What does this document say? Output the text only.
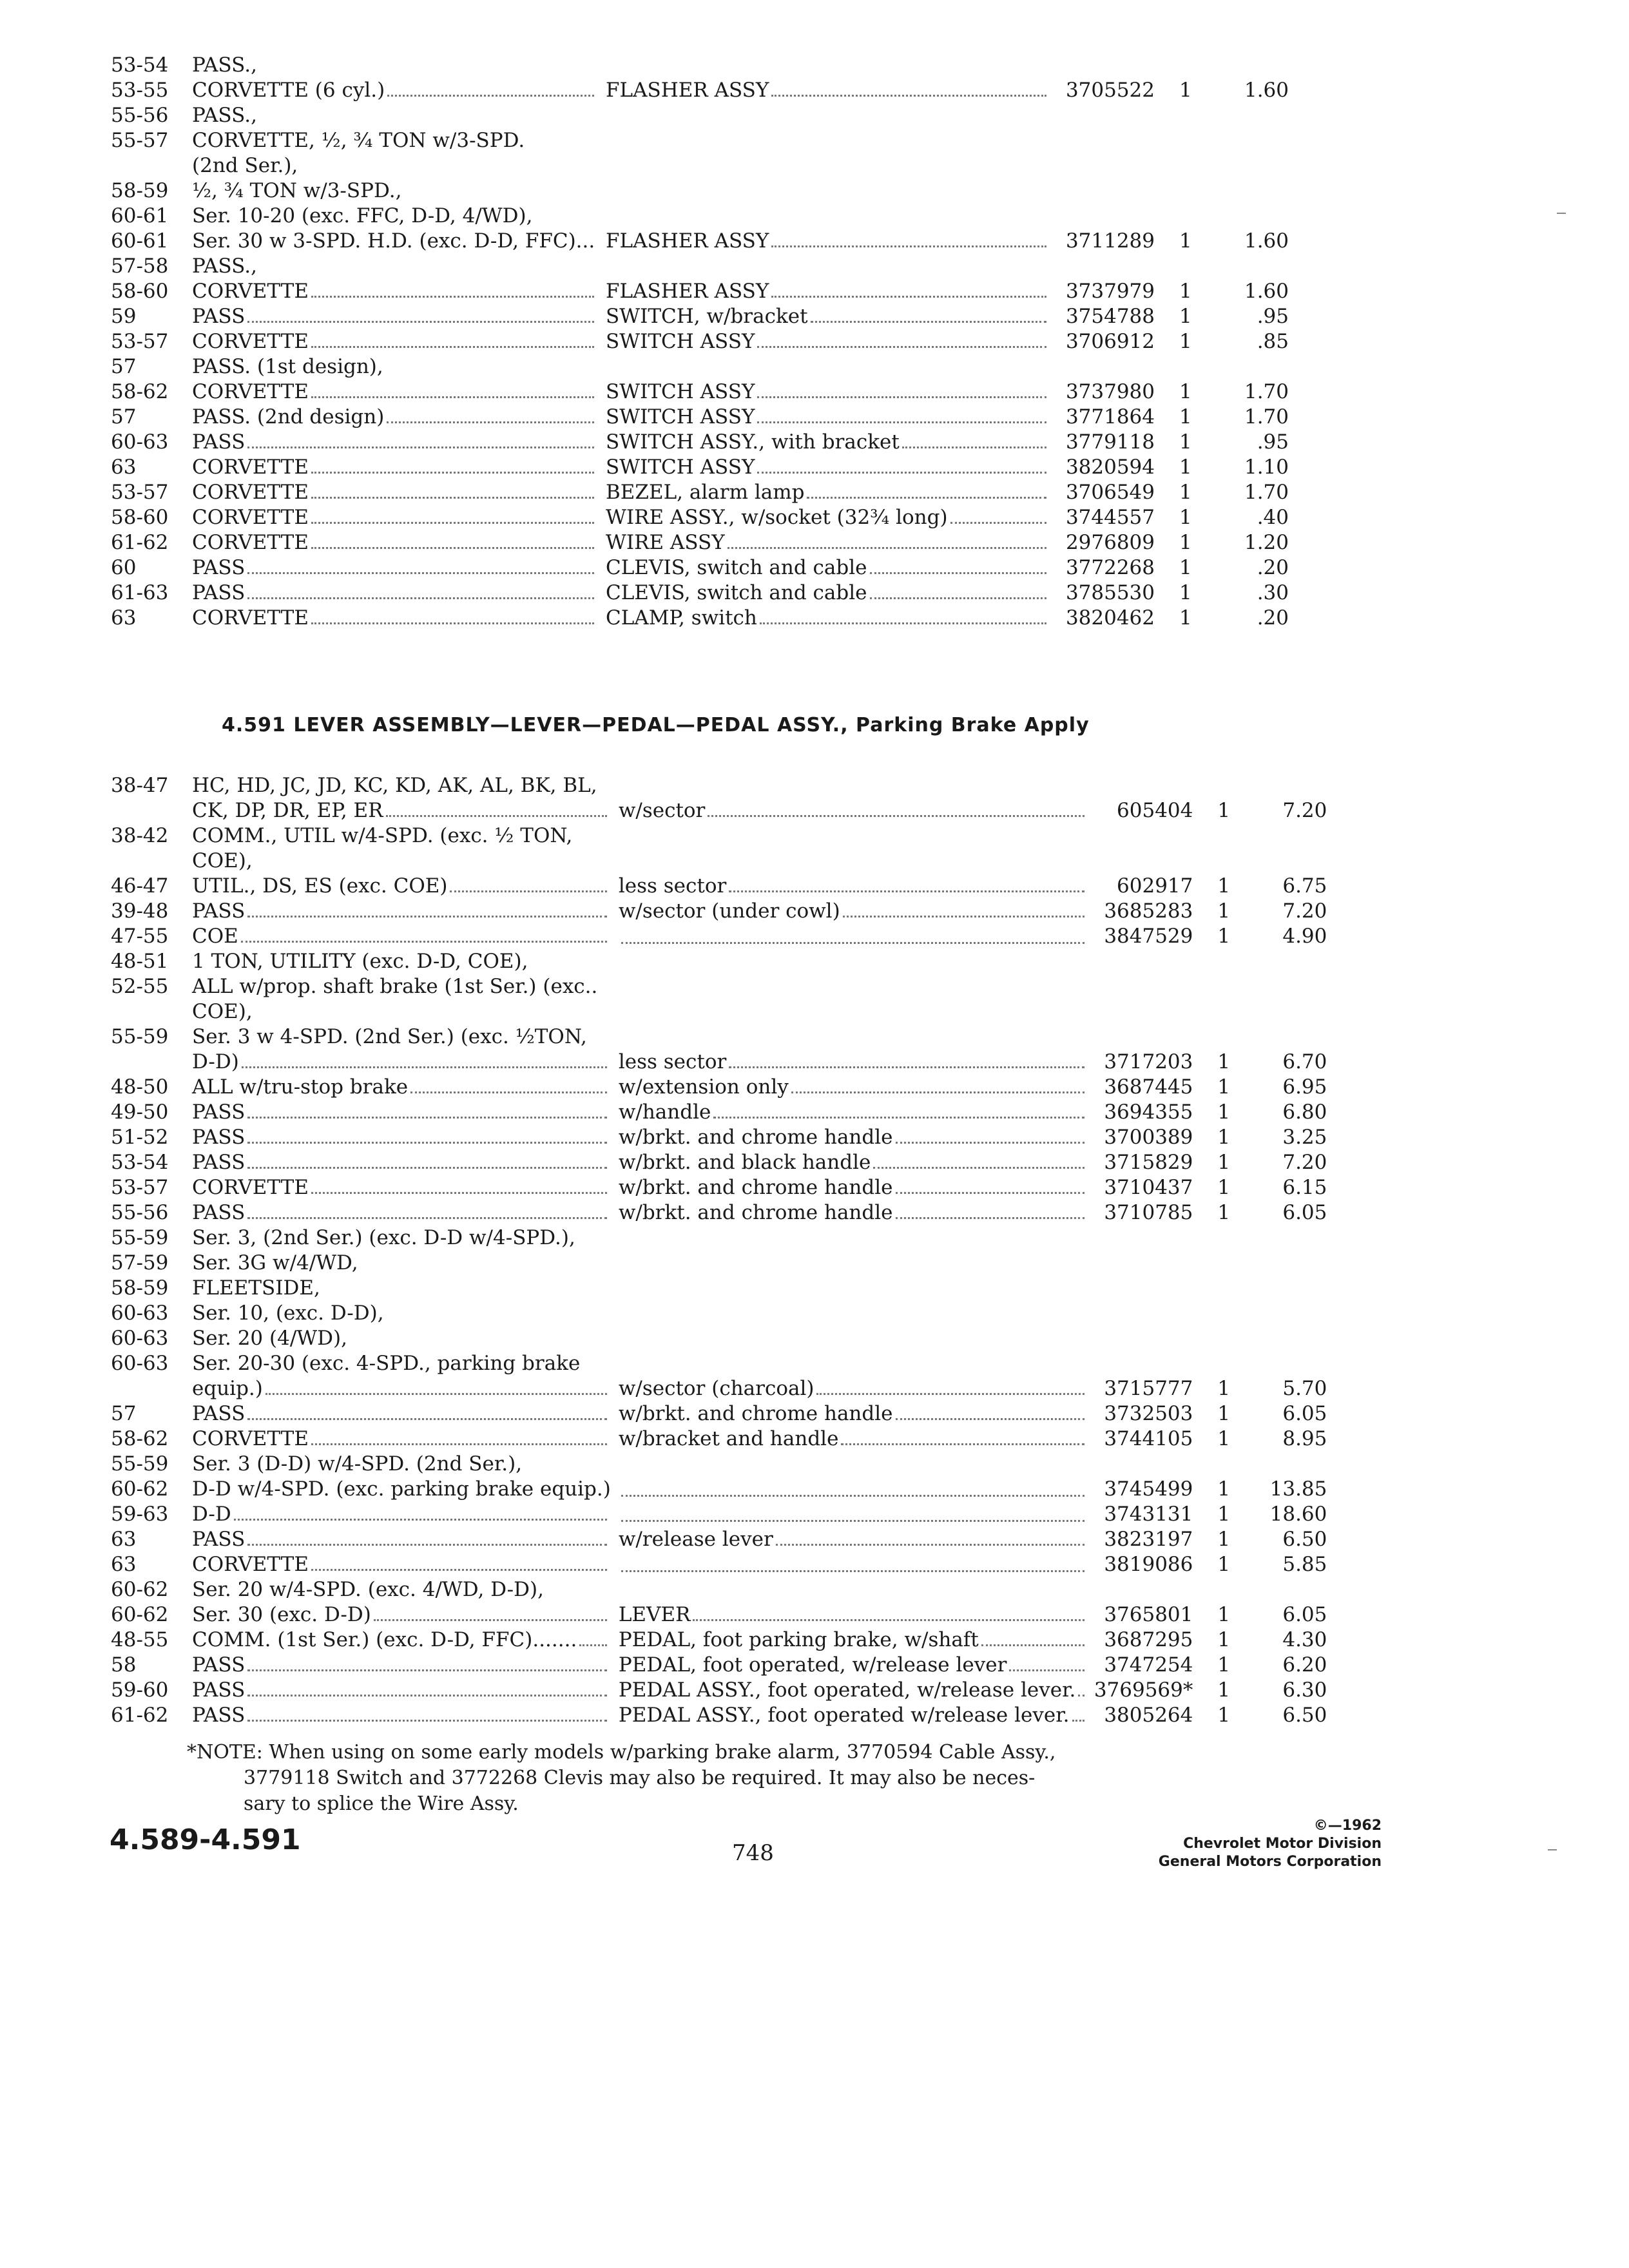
53-54	PASS.,				

53-55	CORVETTE (6 cyl.)	FLASHER ASSY	3705522	1	1.60
55-56	PASS.,				

55-57	CORVETTE, ½, ¾ TON w/3-SPD.				

	(2nd Ser.),				

58-59	½, ¾ TON w/3-SPD.,				

60-61	Ser. 10-20 (exc. FFC, D-D, 4/WD),				

60-61	Ser. 30 w 3-SPD. H.D. (exc. D-D, FFC)...	FLASHER ASSY	3711289	1	1.60
57-58	PASS.,				

58-60	CORVETTE	FLASHER ASSY	3737979	1	1.60
59	PASS	SWITCH, w/bracket	3754788	1	.95
53-57	CORVETTE	SWITCH ASSY	3706912	1	.85
57	PASS. (1st design),				

58-62	CORVETTE	SWITCH ASSY	3737980	1	1.70
57	PASS. (2nd design)	SWITCH ASSY	3771864	1	1.70
60-63	PASS	SWITCH ASSY., with bracket	3779118	1	.95
63	CORVETTE	SWITCH ASSY	3820594	1	1.10
53-57	CORVETTE	BEZEL, alarm lamp	3706549	1	1.70
58-60	CORVETTE	WIRE ASSY., w/socket (32¾ long)	3744557	1	.40
61-62	CORVETTE	WIRE ASSY	2976809	1	1.20
60	PASS	CLEVIS, switch and cable	3772268	1	.20
61-63	PASS	CLEVIS, switch and cable	3785530	1	.30
63	CORVETTE	CLAMP, switch	3820462	1	.20
4.591 LEVER ASSEMBLY—LEVER—PEDAL—PEDAL ASSY., Parking Brake Apply
38-47	HC, HD, JC, JD, KC, KD, AK, AL, BK, BL,				

	CK, DP, DR, EP, ER	w/sector	605404	1	7.20
38-42	COMM., UTIL w/4-SPD. (exc. ½ TON,				

	COE),				

46-47	UTIL., DS, ES (exc. COE)	less sector	602917	1	6.75
39-48	PASS	w/sector (under cowl)	3685283	1	7.20
47-55	COE		3847529	1	4.90
48-51	1 TON, UTILITY (exc. D-D, COE),				

52-55	ALL w/prop. shaft brake (1st Ser.) (exc..				

	COE),				

55-59	Ser. 3 w 4-SPD. (2nd Ser.) (exc. ½TON,				

	D-D)	less sector	3717203	1	6.70
48-50	ALL w/tru-stop brake	w/extension only	3687445	1	6.95
49-50	PASS	w/handle	3694355	1	6.80
51-52	PASS	w/brkt. and chrome handle	3700389	1	3.25
53-54	PASS	w/brkt. and black handle	3715829	1	7.20
53-57	CORVETTE	w/brkt. and chrome handle	3710437	1	6.15
55-56	PASS	w/brkt. and chrome handle	3710785	1	6.05
55-59	Ser. 3, (2nd Ser.) (exc. D-D w/4-SPD.),				

57-59	Ser. 3G w/4/WD,				

58-59	FLEETSIDE,				

60-63	Ser. 10, (exc. D-D),				

60-63	Ser. 20 (4/WD),				

60-63	Ser. 20-30 (exc. 4-SPD., parking brake				

	equip.)	w/sector (charcoal)	3715777	1	5.70
57	PASS	w/brkt. and chrome handle	3732503	1	6.05
58-62	CORVETTE	w/bracket and handle	3744105	1	8.95
55-59	Ser. 3 (D-D) w/4-SPD. (2nd Ser.),				

60-62	D-D w/4-SPD. (exc. parking brake equip.)		3745499	1	13.85
59-63	D-D		3743131	1	18.60
63	PASS	w/release lever	3823197	1	6.50
63	CORVETTE		3819086	1	5.85
60-62	Ser. 20 w/4-SPD. (exc. 4/WD, D-D),				

60-62	Ser. 30 (exc. D-D)	LEVER	3765801	1	6.05
48-55	COMM. (1st Ser.) (exc. D-D, FFC).......	PEDAL, foot parking brake, w/shaft	3687295	1	4.30
58	PASS	PEDAL, foot operated, w/release lever	3747254	1	6.20
59-60	PASS	PEDAL ASSY., foot operated, w/release lever.	3769569*	1	6.30
61-62	PASS	PEDAL ASSY., foot operated w/release lever.	3805264	1	6.50
*NOTE: When using on some early models w/parking brake alarm, 3770594 Cable Assy.,
3779118 Switch and 3772268 Clevis may also be required. It may also be neces-
sary to splice the Wire Assy.
4.589-4.591	748
©—1962
Chevrolet Motor Division
General Motors Corporation
